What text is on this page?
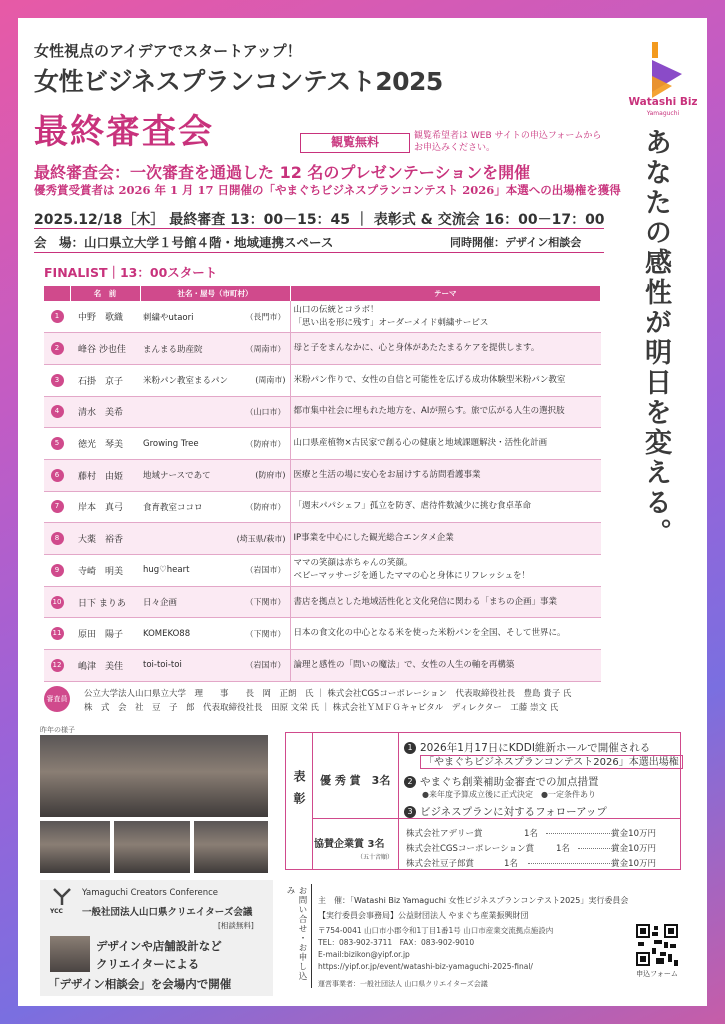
女性視点のアイデアでスタートアップ！
女性ビジネスプランコンテスト2025
最終審査会	観覧無料	観覧希望者は WEB サイトの申込フォームからお申込みください。
最終審査会：一次審査を通過した 12 名のプレゼンテーションを開催
優秀賞受賞者は 2026 年 1 月 17 日開催の「やまぐちビジネスプランコンテスト 2026」本選への出場権を獲得
2025.12/18［木］ 最終審査 13：00－15：45 ｜ 表彰式 & 交流会 16：00－17：00
会　場：山口県立大学１号館４階・地域連携スペース	同時開催：デザイン相談会
Watashi Biz
Yamaguchi
あなたの感性が明日を変える。
FINALIST｜13：00スタート
	名　前	社名・屋号（市町村）	テーマ
1	中野　歌織	刺繍やutaori （長門市）	山口の伝統とコラボ！
「思い出を形に残す」オーダーメイド刺繍サービス
2	峰谷 沙也佳	まんまる助産院 （周南市）	母と子をまんなかに、心と身体があたたまるケアを提供します。
3	石掛　京子	米粉パン教室まるパン (周南市)	米粉パン作りで、女性の自信と可能性を広げる成功体験型米粉パン教室
4	清水　美希	（山口市）	都市集中社会に埋もれた地方を、AIが照らす。旅で広がる人生の選択肢
5	徳光　琴美	Growing Tree （防府市）	山口県産植物×古民家で創る心の健康と地域課題解決・活性化計画
6	藤村　由姫	地域ナースであて (防府市)	医療と生活の場に安心をお届けする訪問看護事業
7	岸本　真弓	食育教室ココロ （防府市）	「週末パパシェフ」孤立を防ぎ、虐待件数減少に挑む食卓革命
8	大薬　裕香	(埼玉県/萩市)	IP事業を中心にした観光総合エンタメ企業
9	寺崎　明美	hug♡heart （岩国市）	ママの笑顔は赤ちゃんの笑顔。
ベビーマッサージを通したママの心と身体にリフレッシュを！
10	日下 まりあ	日々企画 （下関市）	書店を拠点とした地域活性化と文化発信に関わる「まちの企画」事業
11	原田　陽子	KOMEKO88 （下関市）	日本の食文化の中心となる米を使った米粉パンを全国、そして世界に。
12	嶋津　美佳	toi-toi-toi （岩国市）	論理と感性の「問いの魔法」で、女性の人生の軸を再構築
審査員 公立大学法人山口県立大学　理　　事　　長　岡　正朗　氏 ｜ 株式会社CGSコーポレーション　代表取締役社長　豊島 貴子 氏
株　式　会　社　豆　子　郎　代表取締役社長　田原 文栄 氏 ｜ 株式会社ＹＭＦＧキャピタル　ディレクター　工藤 崇文 氏
昨年の様子
表彰 優 秀 賞　3名
1 2026年1月17日にKDDI維新ホールで開催される
「やまぐちビジネスプランコンテスト2026」本選出場権
2 やまぐち創業補助金審査での加点措置
●来年度予算成立後に正式決定　●一定条件あり
3 ビジネスプランに対するフォローアップ
協賛企業賞 3名
（五十音順）
株式会社アデリー賞	1名	賞金10万円
株式会社CGSコーポレーション賞	1名	賞金10万円
株式会社豆子郎賞	1名	賞金10万円
YCC
Yamaguchi Creators Conference
一般社団法人山口県クリエイターズ会議
[相談無料]
デザインや店舗設計など
クリエイターによる
「デザイン相談会」を会場内で開催
お問い合せ・お申し込み
主　催：「Watashi Biz Yamaguchi 女性ビジネスプランコンテスト2025」実行委員会
【実行委員会事務局】公益財団法人 やまぐち産業振興財団
〒754-0041 山口市小郡令和1丁目1番1号 山口市産業交流拠点施設内
TEL：083-902-3711　FAX：083-902-9010
E-mail:bizikon@yipf.or.jp
https://yipf.or.jp/event/watashi-biz-yamaguchi-2025-final/
運営事業者：一般社団法人 山口県クリエイターズ会議
申込フォーム
